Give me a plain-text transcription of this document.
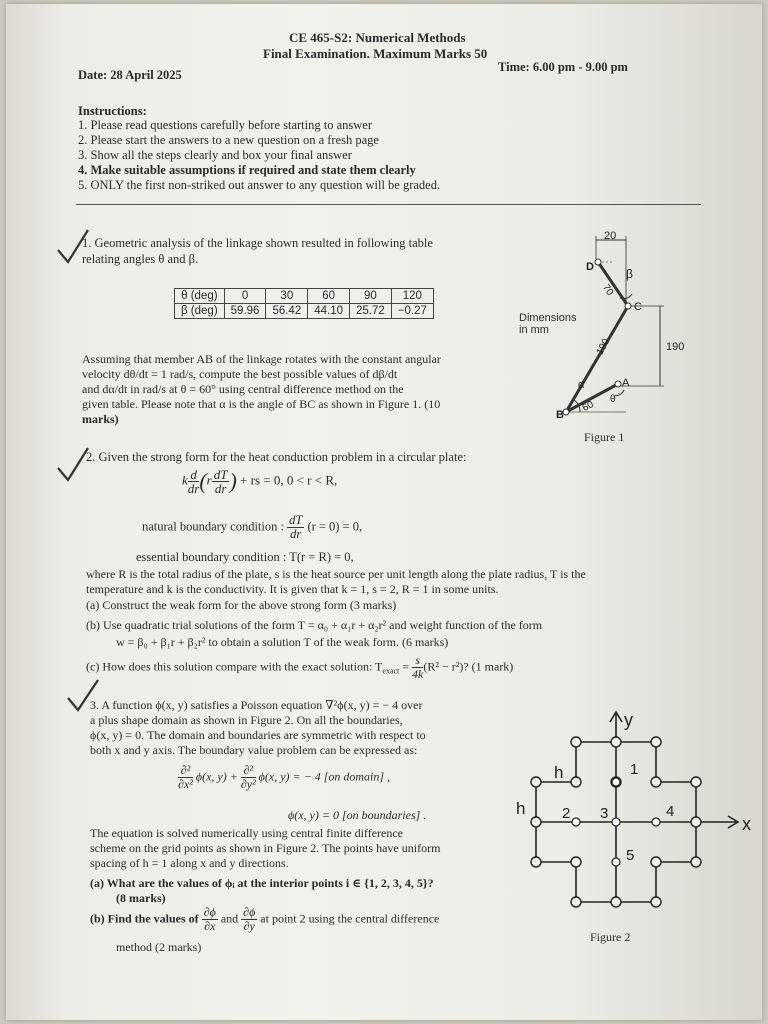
CE 465-S2: Numerical Methods
Final Examination. Maximum Marks 50
Date: 28 April 2025
Time: 6.00 pm - 9.00 pm
Instructions:
1. Please read questions carefully before starting to answer
2. Please start the answers to a new question on a fresh page
3. Show all the steps clearly and box your final answer
4. Make suitable assumptions if required and state them clearly
5. ONLY the first non-striked out answer to any question will be graded.
1. Geometric analysis of the linkage shown resulted in following table
relating angles θ and β.
θ (deg)	0	30	60	90	120
β (deg)	59.96	56.42	44.10	25.72	−0.27
Assuming that member AB of the linkage rotates with the constant angular
velocity dθ/dt = 1 rad/s, compute the best possible values of dβ/dt
and dα/dt in rad/s at θ = 60° using central difference method on the
given table. Please note that α is the angle of BC as shown in Figure 1. (10
marks)
20
190
70
190
60
D
C
B
A
β
α
θ
Dimensions
in mm
Figure 1
2. Given the strong form for the heat conduction problem in a circular plate:
k $\frac{d}{dr} (r \frac{dT}{dr}$ ) + rs = 0, 0 < r < R,
natural boundary condition : $\frac{dT}{dr} (r = 0) = 0$,
essential boundary condition : T(r = R) = 0,
where R is the total radius of the plate, s is the heat source per unit length along the plate radius, T is the
temperature and k is the conductivity. It is given that k = 1, s = 2, R = 1 in some units.
(a) Construct the weak form for the above strong form (3 marks)
(b) Use quadratic trial solutions of the form T = α₀ + α₁r + α₂r² and weight function of the form
w = β₀ + β₁r + β₂r² to obtain a solution T of the weak form. (6 marks)
(c) How does this solution compare with the exact solution: $T_{exact} = \frac{s}{4k} (R^2 - r^2)$? (1 mark)
3. A function ϕ(x, y) satisfies a Poisson equation ∇²ϕ(x, y) = − 4 over
a plus shape domain as shown in Figure 2. On all the boundaries,
ϕ(x, y) = 0. The domain and boundaries are symmetric with respect to
both x and y axis. The boundary value problem can be expressed as:
$\frac{\text{∂²}}{\text{∂x²}} \phi(x$, $y) + \frac{\text{∂²}}{\text{∂y²}} \phi(x$, y) = − 4 [on domain] ,
ϕ(x, y) = 0 [on boundaries] .
The equation is solved numerically using central finite difference
scheme on the grid points as shown in Figure 2. The points have uniform
spacing of h = 1 along x and y directions.
(a) What are the values of ϕᵢ at the interior points i ∈ {1, 2, 3, 4, 5}?
(8 marks)
(b) Find the values of $\frac{\partial\phi}{\partial x}$ and $\frac{\partial\phi}{\partial y}$ at point 2 using the central difference
method (2 marks)
y
x
h
h
1
2 3	4
5
Figure 2
